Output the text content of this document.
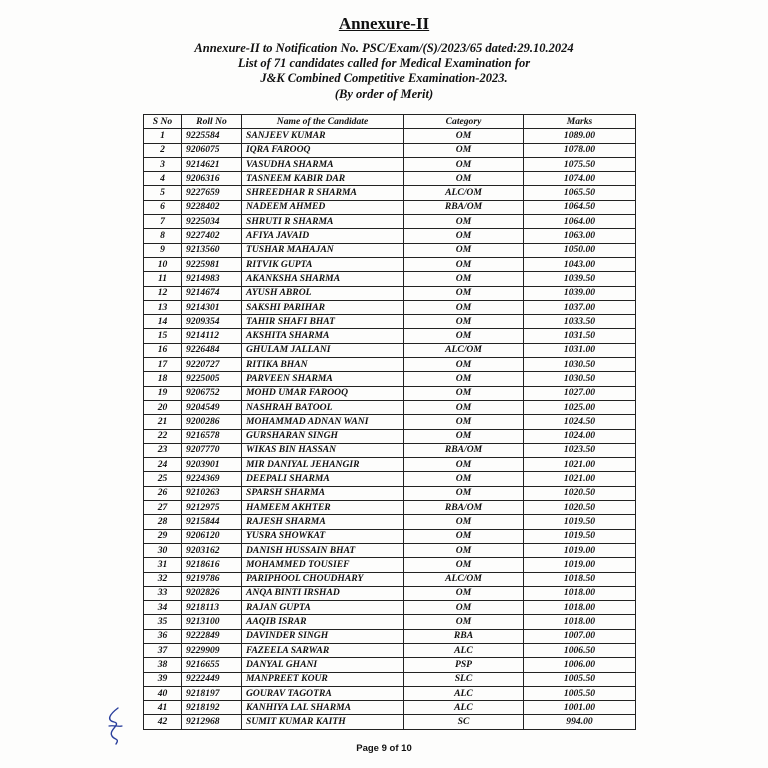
Annexure-II
Annexure-II to Notification No. PSC/Exam/(S)/2023/65 dated:29.10.2024
List of 71 candidates called for Medical Examination for
J&K Combined Competitive Examination-2023.
(By order of Merit)
S No	Roll No	Name of the Candidate	Category	Marks
1	9225584	SANJEEV KUMAR	OM	1089.00
2	9206075	IQRA FAROOQ	OM	1078.00
3	9214621	VASUDHA SHARMA	OM	1075.50
4	9206316	TASNEEM KABIR DAR	OM	1074.00
5	9227659	SHREEDHAR R SHARMA	ALC/OM	1065.50
6	9228402	NADEEM AHMED	RBA/OM	1064.50
7	9225034	SHRUTI R SHARMA	OM	1064.00
8	9227402	AFIYA JAVAID	OM	1063.00
9	9213560	TUSHAR MAHAJAN	OM	1050.00
10	9225981	RITVIK GUPTA	OM	1043.00
11	9214983	AKANKSHA SHARMA	OM	1039.50
12	9214674	AYUSH ABROL	OM	1039.00
13	9214301	SAKSHI PARIHAR	OM	1037.00
14	9209354	TAHIR SHAFI BHAT	OM	1033.50
15	9214112	AKSHITA SHARMA	OM	1031.50
16	9226484	GHULAM JALLANI	ALC/OM	1031.00
17	9220727	RITIKA BHAN	OM	1030.50
18	9225005	PARVEEN SHARMA	OM	1030.50
19	9206752	MOHD UMAR FAROOQ	OM	1027.00
20	9204549	NASHRAH BATOOL	OM	1025.00
21	9200286	MOHAMMAD ADNAN WANI	OM	1024.50
22	9216578	GURSHARAN SINGH	OM	1024.00
23	9207770	WIKAS BIN HASSAN	RBA/OM	1023.50
24	9203901	MIR DANIYAL JEHANGIR	OM	1021.00
25	9224369	DEEPALI SHARMA	OM	1021.00
26	9210263	SPARSH SHARMA	OM	1020.50
27	9212975	HAMEEM AKHTER	RBA/OM	1020.50
28	9215844	RAJESH SHARMA	OM	1019.50
29	9206120	YUSRA SHOWKAT	OM	1019.50
30	9203162	DANISH HUSSAIN BHAT	OM	1019.00
31	9218616	MOHAMMED TOUSIEF	OM	1019.00
32	9219786	PARIPHOOL CHOUDHARY	ALC/OM	1018.50
33	9202826	ANQA BINTI IRSHAD	OM	1018.00
34	9218113	RAJAN GUPTA	OM	1018.00
35	9213100	AAQIB ISRAR	OM	1018.00
36	9222849	DAVINDER SINGH	RBA	1007.00
37	9229909	FAZEELA SARWAR	ALC	1006.50
38	9216655	DANYAL GHANI	PSP	1006.00
39	9222449	MANPREET KOUR	SLC	1005.50
40	9218197	GOURAV TAGOTRA	ALC	1005.50
41	9218192	KANHIYA LAL SHARMA	ALC	1001.00
42	9212968	SUMIT KUMAR KAITH	SC	994.00
Page 9 of 10
